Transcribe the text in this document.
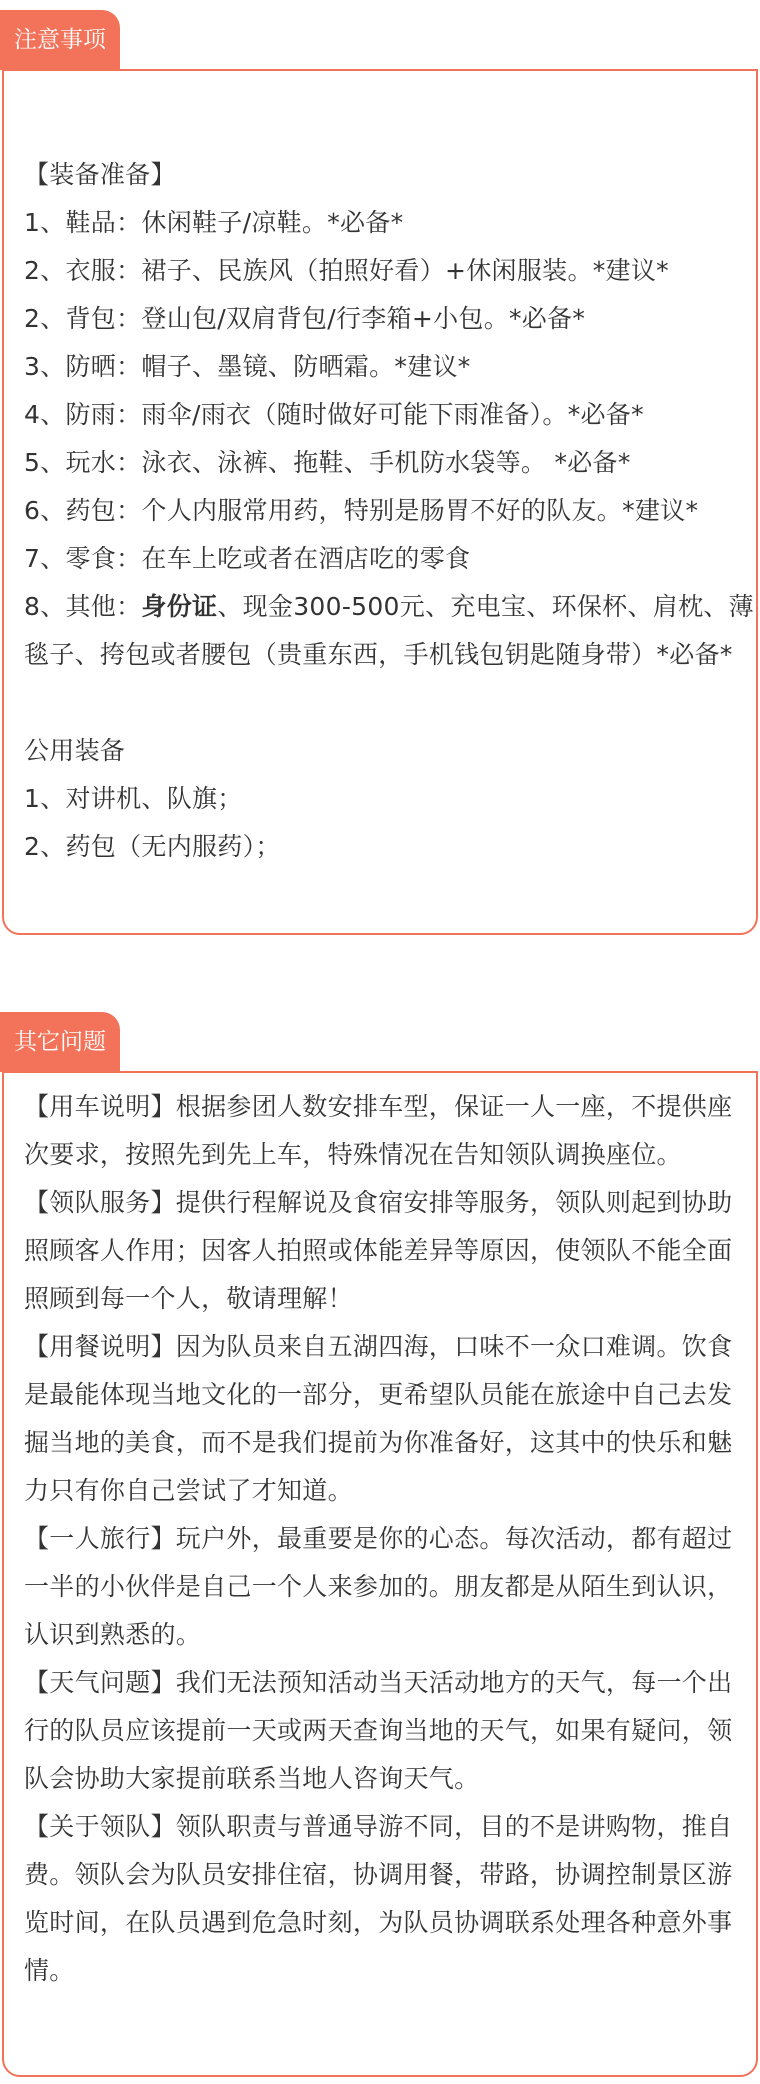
注意事项
【装备准备】
1、鞋品：休闲鞋子/凉鞋。*必备*
2、衣服：裙子、民族风（拍照好看）+休闲服装。*建议*
2、背包：登山包/双肩背包/行李箱+小包。*必备*
3、防晒：帽子、墨镜、防晒霜。*建议*
4、防雨：雨伞/雨衣（随时做好可能下雨准备）。*必备*
5、玩水：泳衣、泳裤、拖鞋、手机防水袋等。 *必备*
6、药包：个人内服常用药，特别是肠胃不好的队友。*建议*
7、零食：在车上吃或者在酒店吃的零食
8、其他：身份证、现金300-500元、充电宝、环保杯、肩枕、薄
毯子、挎包或者腰包（贵重东西，手机钱包钥匙随身带）*必备*
公用装备
1、对讲机、队旗；
2、药包（无内服药）；
其它问题
【用车说明】根据参团人数安排车型，保证一人一座，不提供座
次要求，按照先到先上车，特殊情况在告知领队调换座位。
【领队服务】提供行程解说及食宿安排等服务，领队则起到协助
照顾客人作用；因客人拍照或体能差异等原因，使领队不能全面
照顾到每一个人，敬请理解！
【用餐说明】因为队员来自五湖四海，口味不一众口难调。饮食
是最能体现当地文化的一部分，更希望队员能在旅途中自己去发
掘当地的美食，而不是我们提前为你准备好，这其中的快乐和魅
力只有你自己尝试了才知道。
【一人旅行】玩户外，最重要是你的心态。每次活动，都有超过
一半的小伙伴是自己一个人来参加的。朋友都是从陌生到认识，
认识到熟悉的。
【天气问题】我们无法预知活动当天活动地方的天气，每一个出
行的队员应该提前一天或两天查询当地的天气，如果有疑问，领
队会协助大家提前联系当地人咨询天气。
【关于领队】领队职责与普通导游不同，目的不是讲购物，推自
费。领队会为队员安排住宿，协调用餐，带路，协调控制景区游
览时间，在队员遇到危急时刻，为队员协调联系处理各种意外事
情。
